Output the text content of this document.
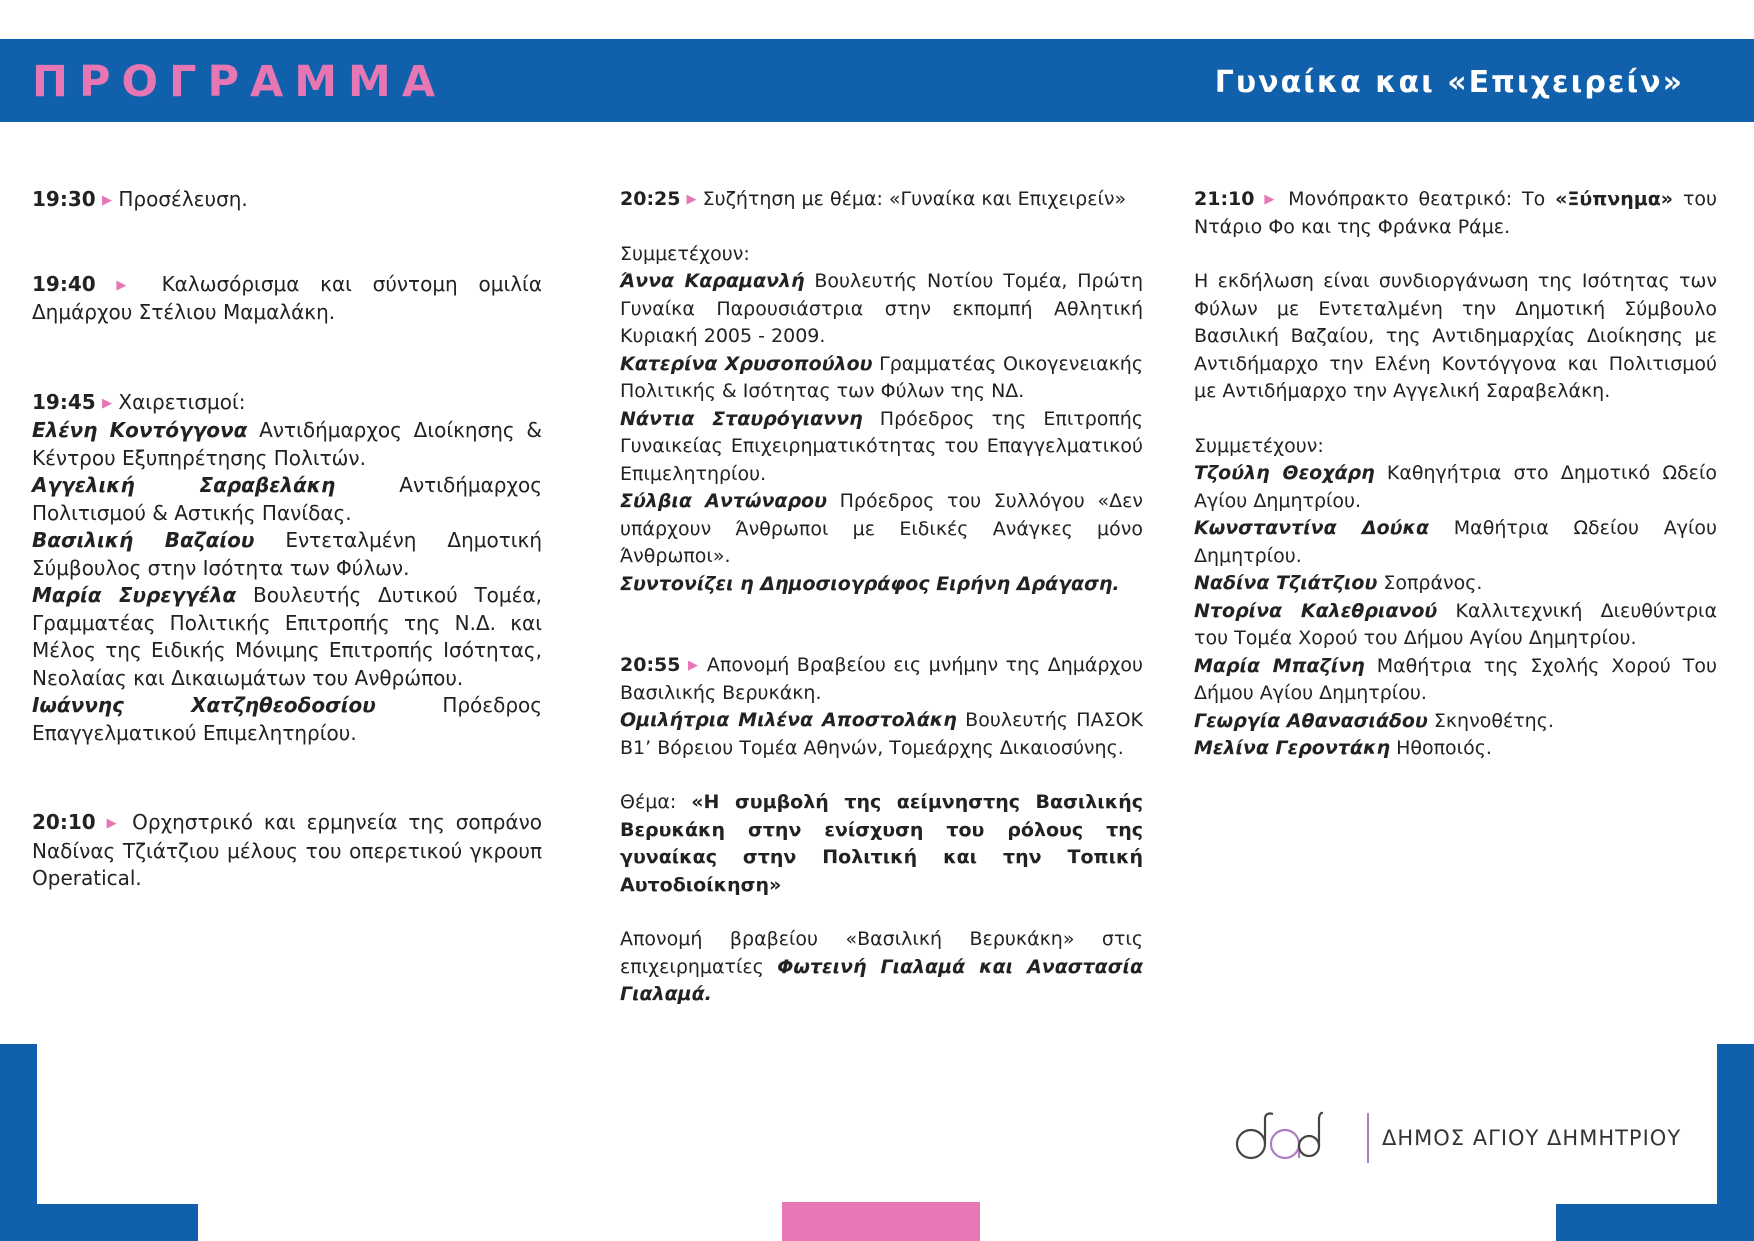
ΠΡΟΓΡΑΜΜΑ	Γυναίκα και «Επιχειρείν»

19:30 ▶ Προσέλευση.

19:40 ▶ Καλωσόρισμα και σύντομη ομιλία Δημάρχου Στέλιου Μαμαλάκη.

19:45 ▶ Χαιρετισμοί:

Ελένη Κοντόγγονα Αντιδήμαρχος Διοίκησης & Κέντρου Εξυπηρέτησης Πολιτών.

Αγγελική Σαραβελάκη	Αντιδήμαρχος Πολιτισμού & Αστικής Πανίδας.

Βασιλική Βαζαίου Εντεταλμένη Δημοτική Σύμβουλος στην Ισότητα των Φύλων.

Μαρία Συρεγγέλα Βουλευτής Δυτικού Τομέα, Γραμματέας Πολιτικής Επιτροπής της Ν.Δ. και Μέλος της Ειδικής Μόνιμης Επιτροπής Ισότητας, Νεολαίας και Δικαιωμάτων του Ανθρώπου.

Ιωάννης Χατζηθεοδοσίου	Πρόεδρος Επαγγελματικού Επιμελητηρίου.

20:10 ▶ Ορχηστρικό και ερμηνεία της σοπράνο Ναδίνας Τζιάτζιου μέλους του οπερετικού γκρουπ Operatical.

20:25 ▶ Συζήτηση με θέμα: «Γυναίκα και Επιχειρείν»

Συμμετέχουν:

Άννα Καραμανλή Βουλευτής Νοτίου Τομέα, Πρώτη Γυναίκα Παρουσιάστρια στην εκπομπή Αθλητική Κυριακή 2005 - 2009.

Κατερίνα Χρυσοπούλου Γραμματέας Οικογενειακής Πολιτικής & Ισότητας των Φύλων της ΝΔ.

Νάντια Σταυρόγιαννη Πρόεδρος της Επιτροπής Γυναικείας Επιχειρηματικότητας του Επαγγελματικού Επιμελητηρίου.

Σύλβια Αντώναρου Πρόεδρος του Συλλόγου «Δεν υπάρχουν Άνθρωποι με Ειδικές Ανάγκες μόνο Άνθρωποι».

Συντονίζει η Δημοσιογράφος Ειρήνη Δράγαση.

20:55 ▶ Απονομή Βραβείου εις μνήμην της Δημάρχου Βασιλικής Βερυκάκη.

Ομιλήτρια Μιλένα Αποστολάκη Βουλευτής ΠΑΣΟΚ Β1’ Βόρειου Τομέα Αθηνών, Τομεάρχης Δικαιοσύνης.

Θέμα: «Η συμβολή της αείμνηστης Βασιλικής Βερυκάκη στην ενίσχυση του ρόλους της γυναίκας στην Πολιτική και την Τοπική Αυτοδιοίκηση»

Απονομή βραβείου «Βασιλική Βερυκάκη» στις επιχειρηματίες Φωτεινή Γιαλαμά και Αναστασία Γιαλαμά.

21:10 ▶ Μονόπρακτο θεατρικό: Το «Ξύπνημα» του Ντάριο Φο και της Φράνκα Ράμε.

Η εκδήλωση είναι συνδιοργάνωση της Ισότητας των Φύλων με Εντεταλμένη την Δημοτική Σύμβουλο Βασιλική Βαζαίου, της Αντιδημαρχίας Διοίκησης με Αντιδήμαρχο την Ελένη Κοντόγγονα και Πολιτισμού με Αντιδήμαρχο την Αγγελική Σαραβελάκη.

Συμμετέχουν:

Τζούλη Θεοχάρη Καθηγήτρια στο Δημοτικό Ωδείο Αγίου Δημητρίου.

Κωνσταντίνα Δούκα Μαθήτρια Ωδείου Αγίου Δημητρίου.

Ναδίνα Τζιάτζιου Σοπράνος.

Ντορίνα Καλεθριανού Καλλιτεχνική Διευθύντρια του Τομέα Χορού του Δήμου Αγίου Δημητρίου.

Μαρία Μπαζίνη Μαθήτρια της Σχολής Χορού Του Δήμου Αγίου Δημητρίου.

Γεωργία Αθανασιάδου Σκηνοθέτης.

Μελίνα Γεροντάκη Ηθοποιός.

ΔΗΜΟΣ ΑΓΙΟΥ ΔΗΜΗΤΡΙΟΥ
